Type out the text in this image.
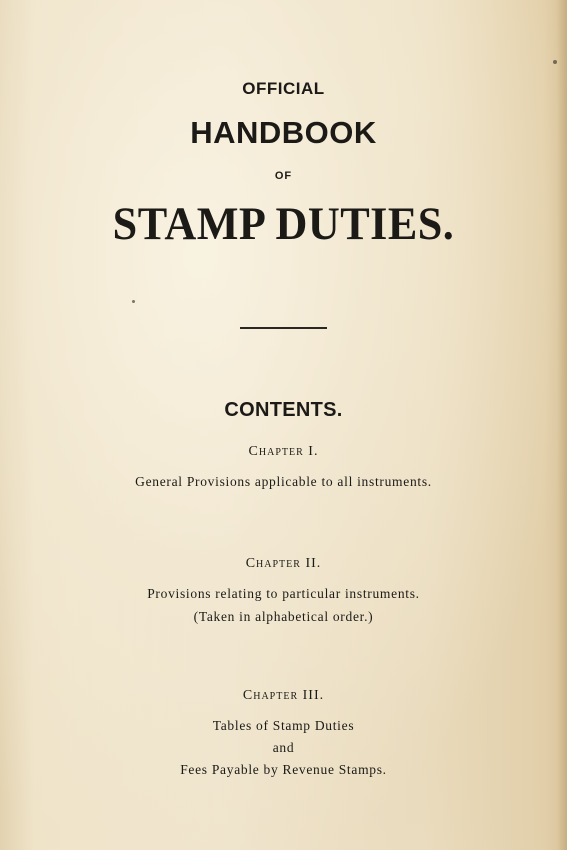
OFFICIAL
HANDBOOK
OF
STAMP DUTIES.
CONTENTS.
Chapter I.
General Provisions applicable to all instruments.
Chapter II.
Provisions relating to particular instruments.
(Taken in alphabetical order.)
Chapter III.
Tables of Stamp Duties
and
Fees Payable by Revenue Stamps.
